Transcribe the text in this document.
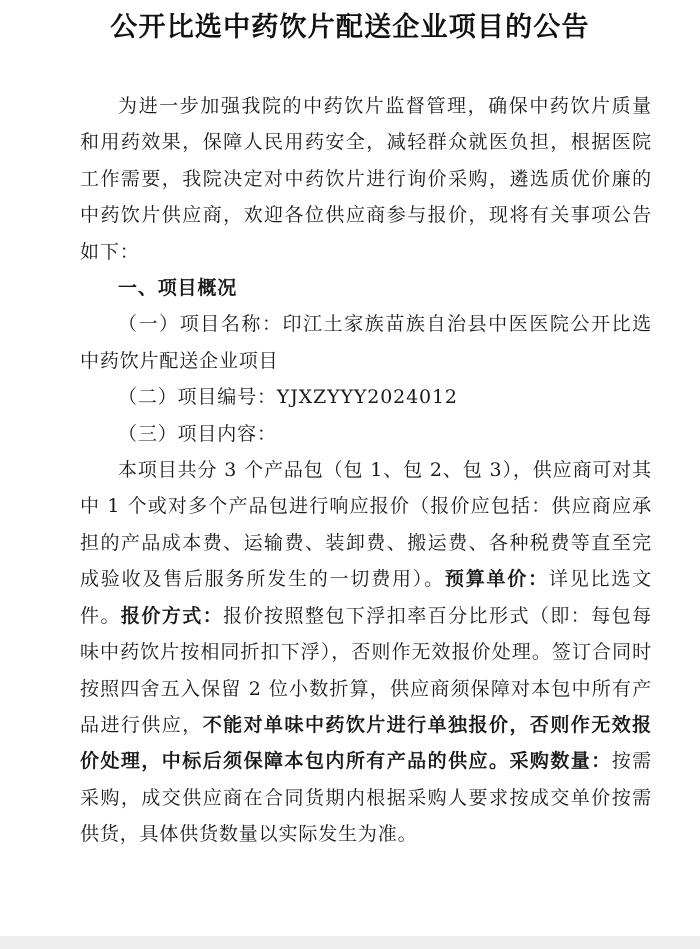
公开比选中药饮片配送企业项目的公告

为进一步加强我院的中药饮片监督管理，确保中药饮片质量和用药效果，保障人民用药安全，减轻群众就医负担，根据医院工作需要，我院决定对中药饮片进行询价采购，遴选质优价廉的中药饮片供应商，欢迎各位供应商参与报价，现将有关事项公告如下：

一、项目概况

（一）项目名称：印江土家族苗族自治县中医医院公开比选中药饮片配送企业项目

（二）项目编号：YJXZYYY2024012

（三）项目内容：

本项目共分 3 个产品包（包 1、包 2、包 3），供应商可对其中 1 个或对多个产品包进行响应报价（报价应包括：供应商应承担的产品成本费、运输费、装卸费、搬运费、各种税费等直至完成验收及售后服务所发生的一切费用）。预算单价：详见比选文件。报价方式：报价按照整包下浮扣率百分比形式（即：每包每味中药饮片按相同折扣下浮），否则作无效报价处理。签订合同时按照四舍五入保留 2 位小数折算，供应商须保障对本包中所有产品进行供应，不能对单味中药饮片进行单独报价，否则作无效报价处理，中标后须保障本包内所有产品的供应。采购数量：按需采购，成交供应商在合同货期内根据采购人要求按成交单价按需供货，具体供货数量以实际发生为准。
